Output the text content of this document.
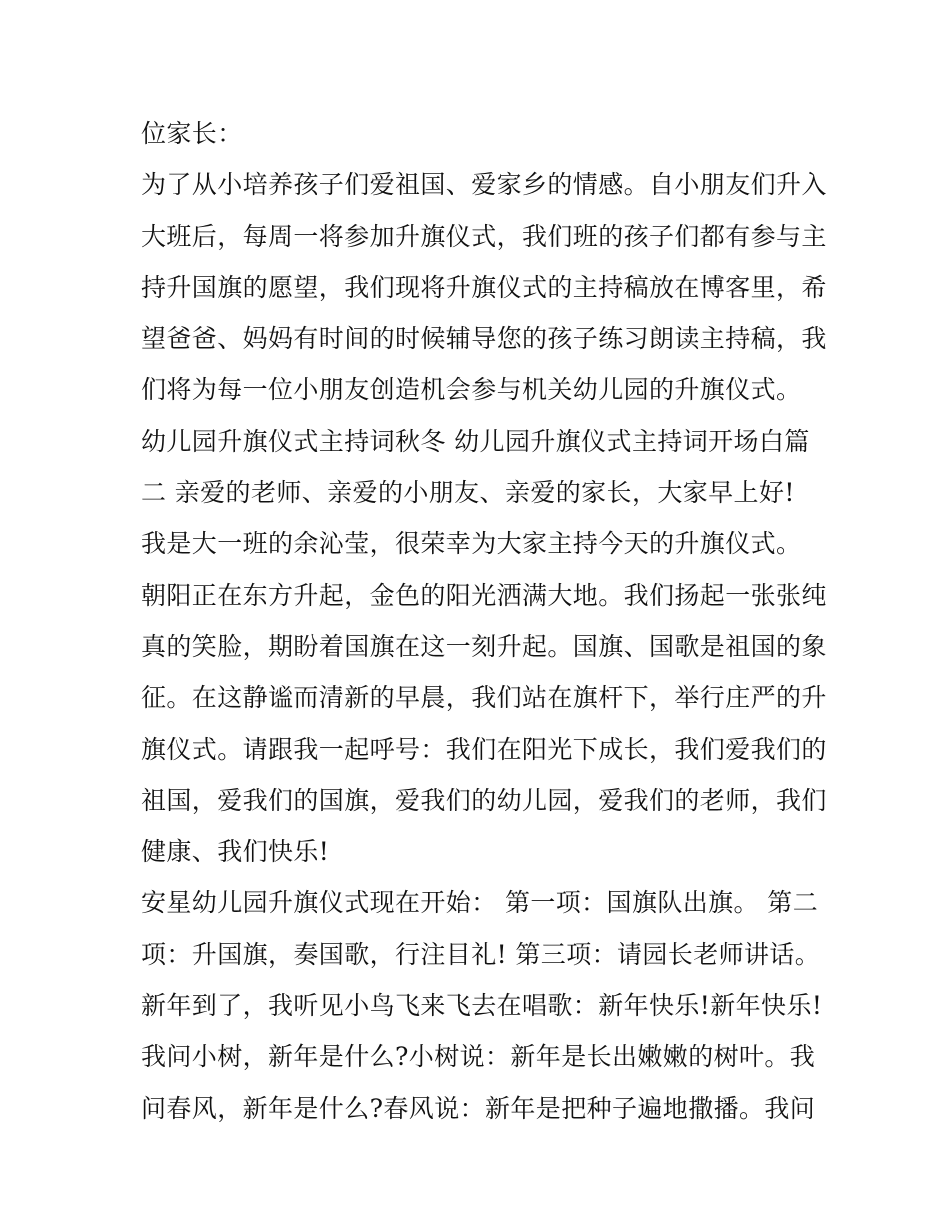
位家长：
为了从小培养孩子们爱祖国、爱家乡的情感。自小朋友们升入
大班后，每周一将参加升旗仪式，我们班的孩子们都有参与主
持升国旗的愿望，我们现将升旗仪式的主持稿放在博客里，希
望爸爸、妈妈有时间的时候辅导您的孩子练习朗读主持稿，我
们将为每一位小朋友创造机会参与机关幼儿园的升旗仪式。
幼儿园升旗仪式主持词秋冬 幼儿园升旗仪式主持词开场白篇
二 亲爱的老师、亲爱的小朋友、亲爱的家长，大家早上好!
我是大一班的余沁莹，很荣幸为大家主持今天的升旗仪式。
朝阳正在东方升起，金色的阳光洒满大地。我们扬起一张张纯
真的笑脸，期盼着国旗在这一刻升起。国旗、国歌是祖国的象
征。在这静谧而清新的早晨，我们站在旗杆下，举行庄严的升
旗仪式。请跟我一起呼号：我们在阳光下成长，我们爱我们的
祖国，爱我们的国旗，爱我们的幼儿园，爱我们的老师，我们
健康、我们快乐!
安星幼儿园升旗仪式现在开始： 第一项：国旗队出旗。 第二
项：升国旗，奏国歌，行注目礼! 第三项：请园长老师讲话。
新年到了，我听见小鸟飞来飞去在唱歌：新年快乐!新年快乐!
我问小树，新年是什么?小树说：新年是长出嫩嫩的树叶。我
问春风，新年是什么?春风说：新年是把种子遍地撒播。我问
